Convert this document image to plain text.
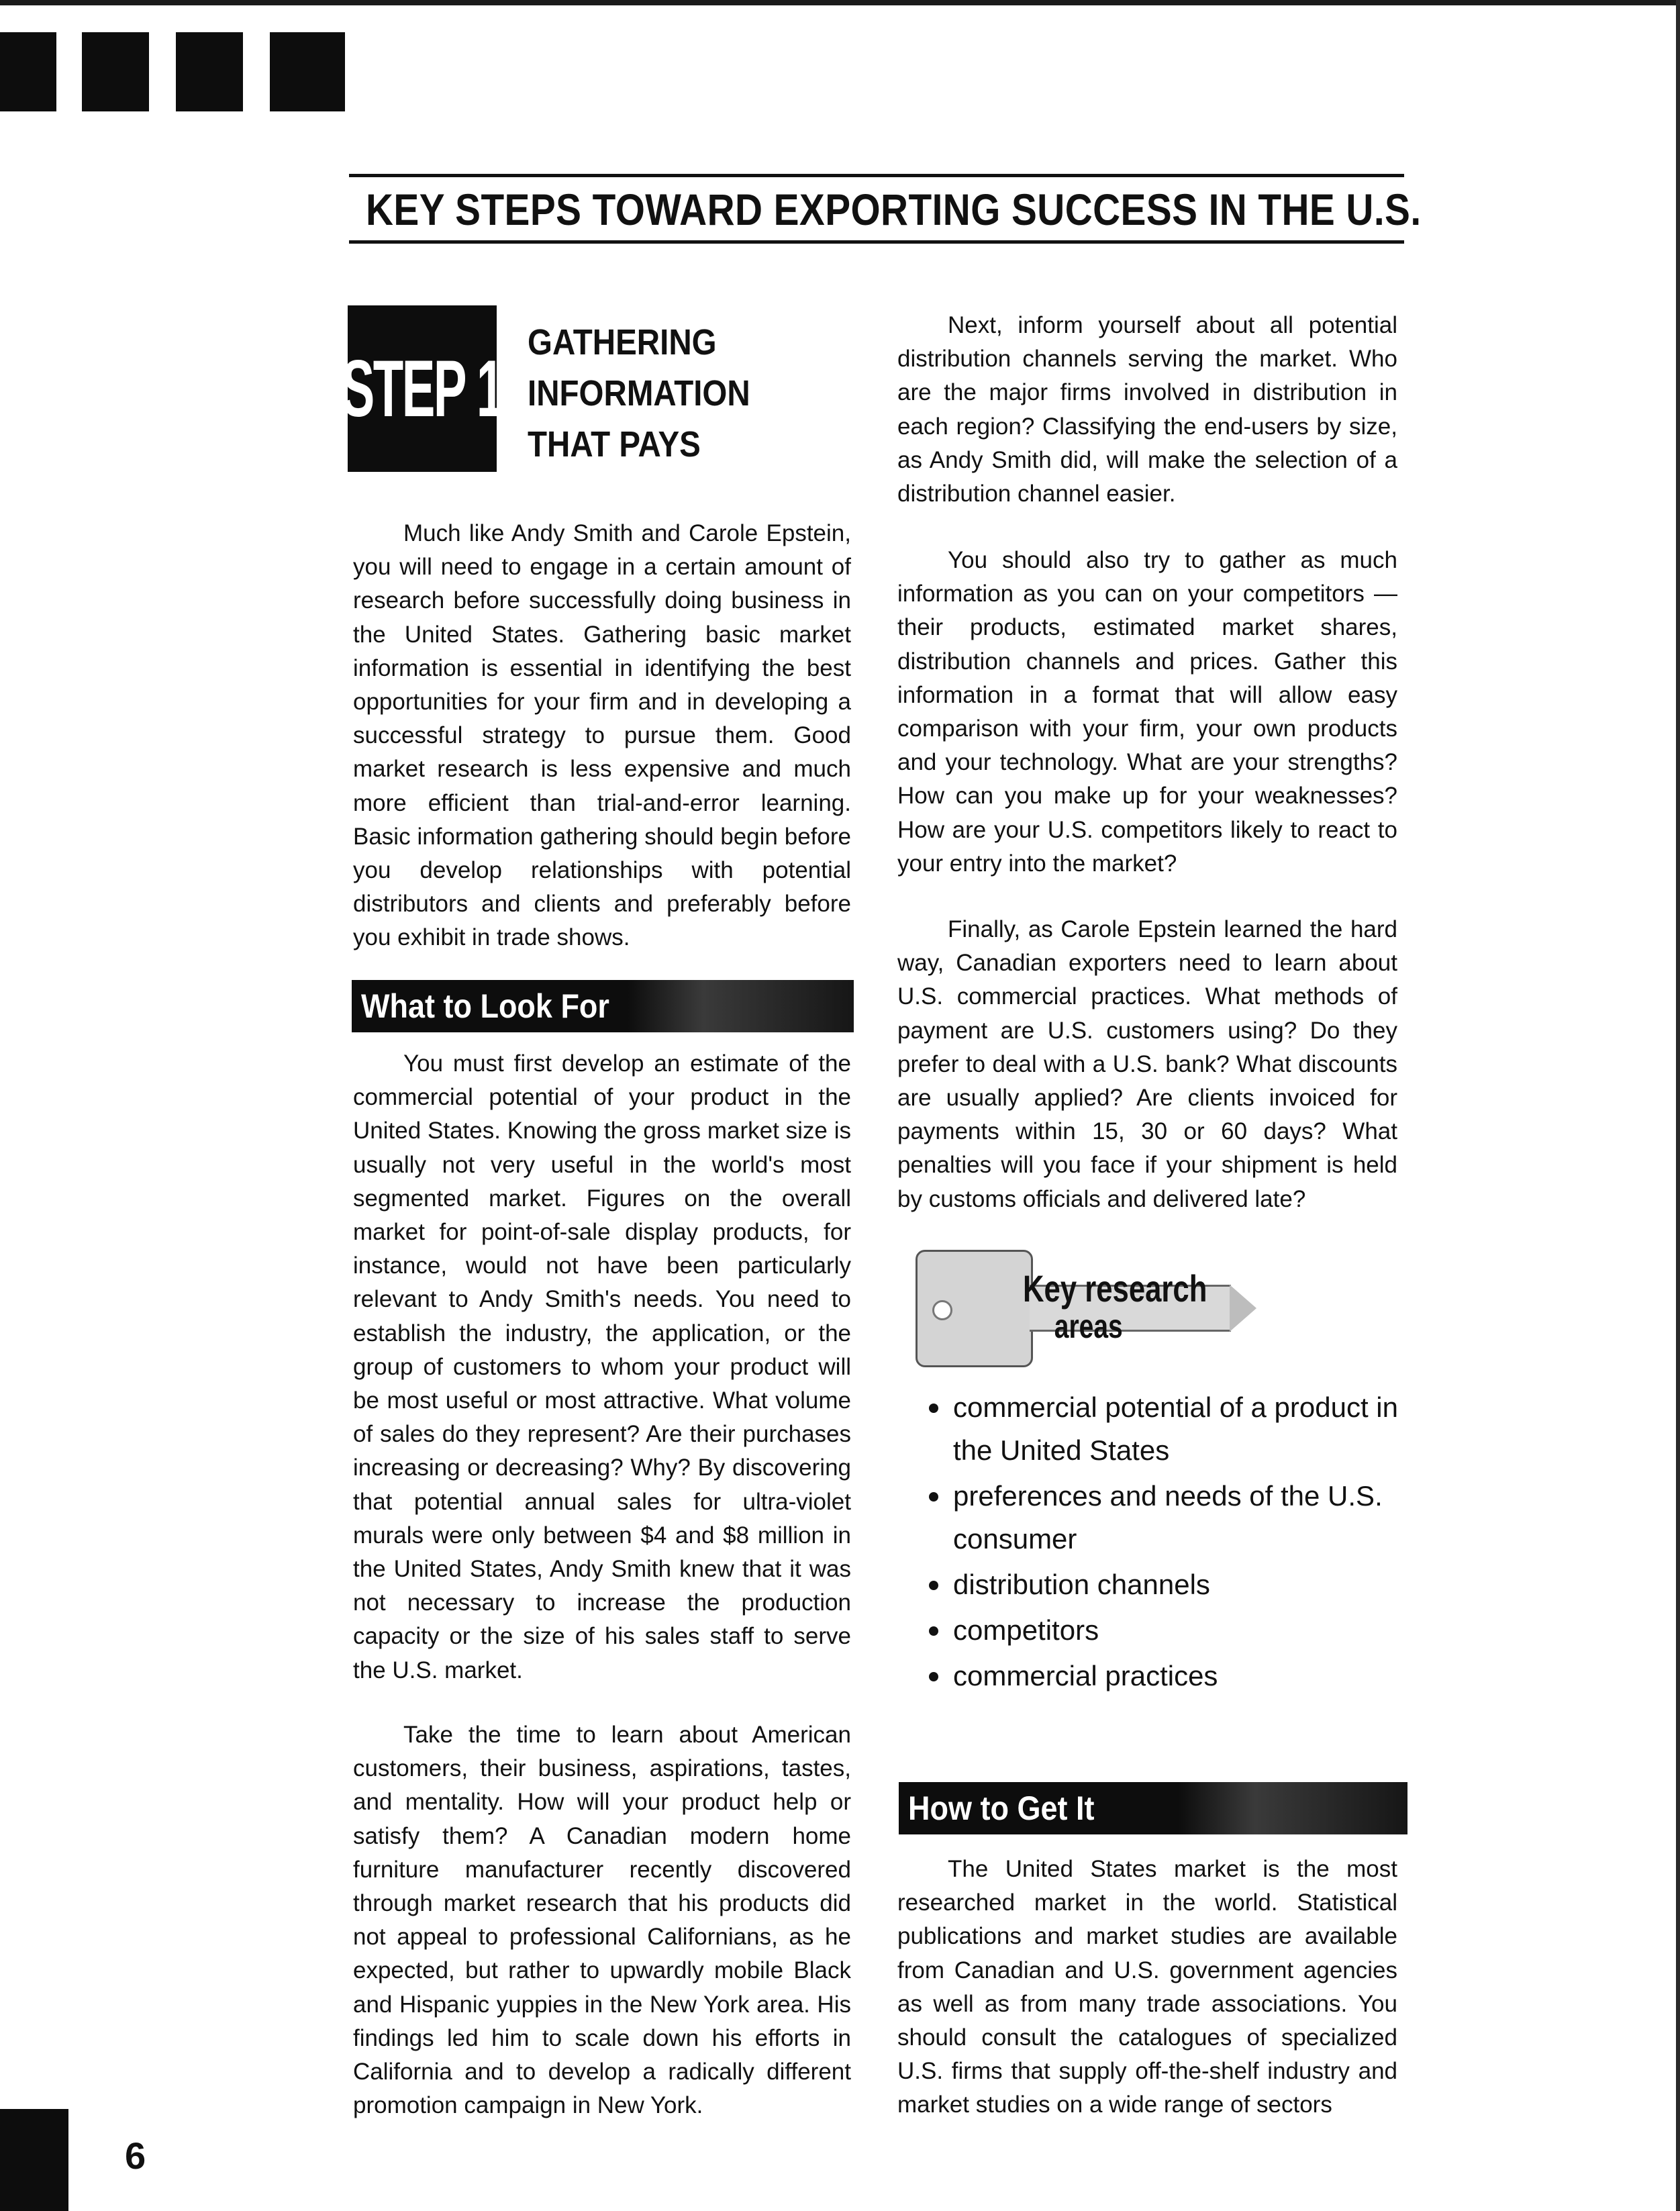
KEY STEPS TOWARD EXPORTING SUCCESS IN THE U.S.
STEP 1
GATHERING
INFORMATION
THAT PAYS

Much like Andy Smith and Carole Epstein, you will need to engage in a certain amount of research before successfully doing business in the United States. Gathering basic market information is essential in identifying the best opportunities for your firm and in developing a successful strategy to pursue them. Good market research is less expensive and much more efficient than trial-and-error learning. Basic information gathering should begin before you develop relationships with potential distributors and clients and preferably before you exhibit in trade shows.

What to Look For

You must first develop an estimate of the commercial potential of your product in the United States. Knowing the gross market size is usually not very useful in the world's most segmented market. Figures on the overall market for point-of-sale display products, for instance, would not have been particularly relevant to Andy Smith's needs. You need to establish the industry, the application, or the group of customers to whom your product will be most useful or most attractive. What volume of sales do they represent? Are their purchases increasing or decreasing? Why? By discovering that potential annual sales for ultra-violet murals were only between $4 and $8 million in the United States, Andy Smith knew that it was not necessary to increase the production capacity or the size of his sales staff to serve the U.S. market.

Take the time to learn about American customers, their business, aspirations, tastes, and mentality. How will your product help or satisfy them? A Canadian modern home furniture manufacturer recently discovered through market research that his products did not appeal to professional Californians, as he expected, but rather to upwardly mobile Black and Hispanic yuppies in the New York area. His findings led him to scale down his efforts in California and to develop a radically different promotion campaign in New York.

Next, inform yourself about all potential distribution channels serving the market. Who are the major firms involved in distribution in each region? Classifying the end-users by size, as Andy Smith did, will make the selection of a distribution channel easier.

You should also try to gather as much information as you can on your competitors — their products, estimated market shares, distribution channels and prices. Gather this information in a format that will allow easy comparison with your firm, your own products and your technology. What are your strengths? How can you make up for your weaknesses? How are your U.S. competitors likely to react to your entry into the market?

Finally, as Carole Epstein learned the hard way, Canadian exporters need to learn about U.S. commercial practices. What methods of payment are U.S. customers using? Do they prefer to deal with a U.S. bank? What discounts are usually applied? Are clients invoiced for payments within 15, 30 or 60 days? What penalties will you face if your shipment is held by customs officials and delivered late?

Key research
areas
commercial potential of a product in the United States
preferences and needs of the U.S. consumer
distribution channels
competitors
commercial practices
How to Get It

The United States market is the most researched market in the world. Statistical publications and market studies are available from Canadian and U.S. government agencies as well as from many trade associations. You should consult the catalogues of specialized U.S. firms that supply off-the-shelf industry and market studies on a wide range of sectors

6
